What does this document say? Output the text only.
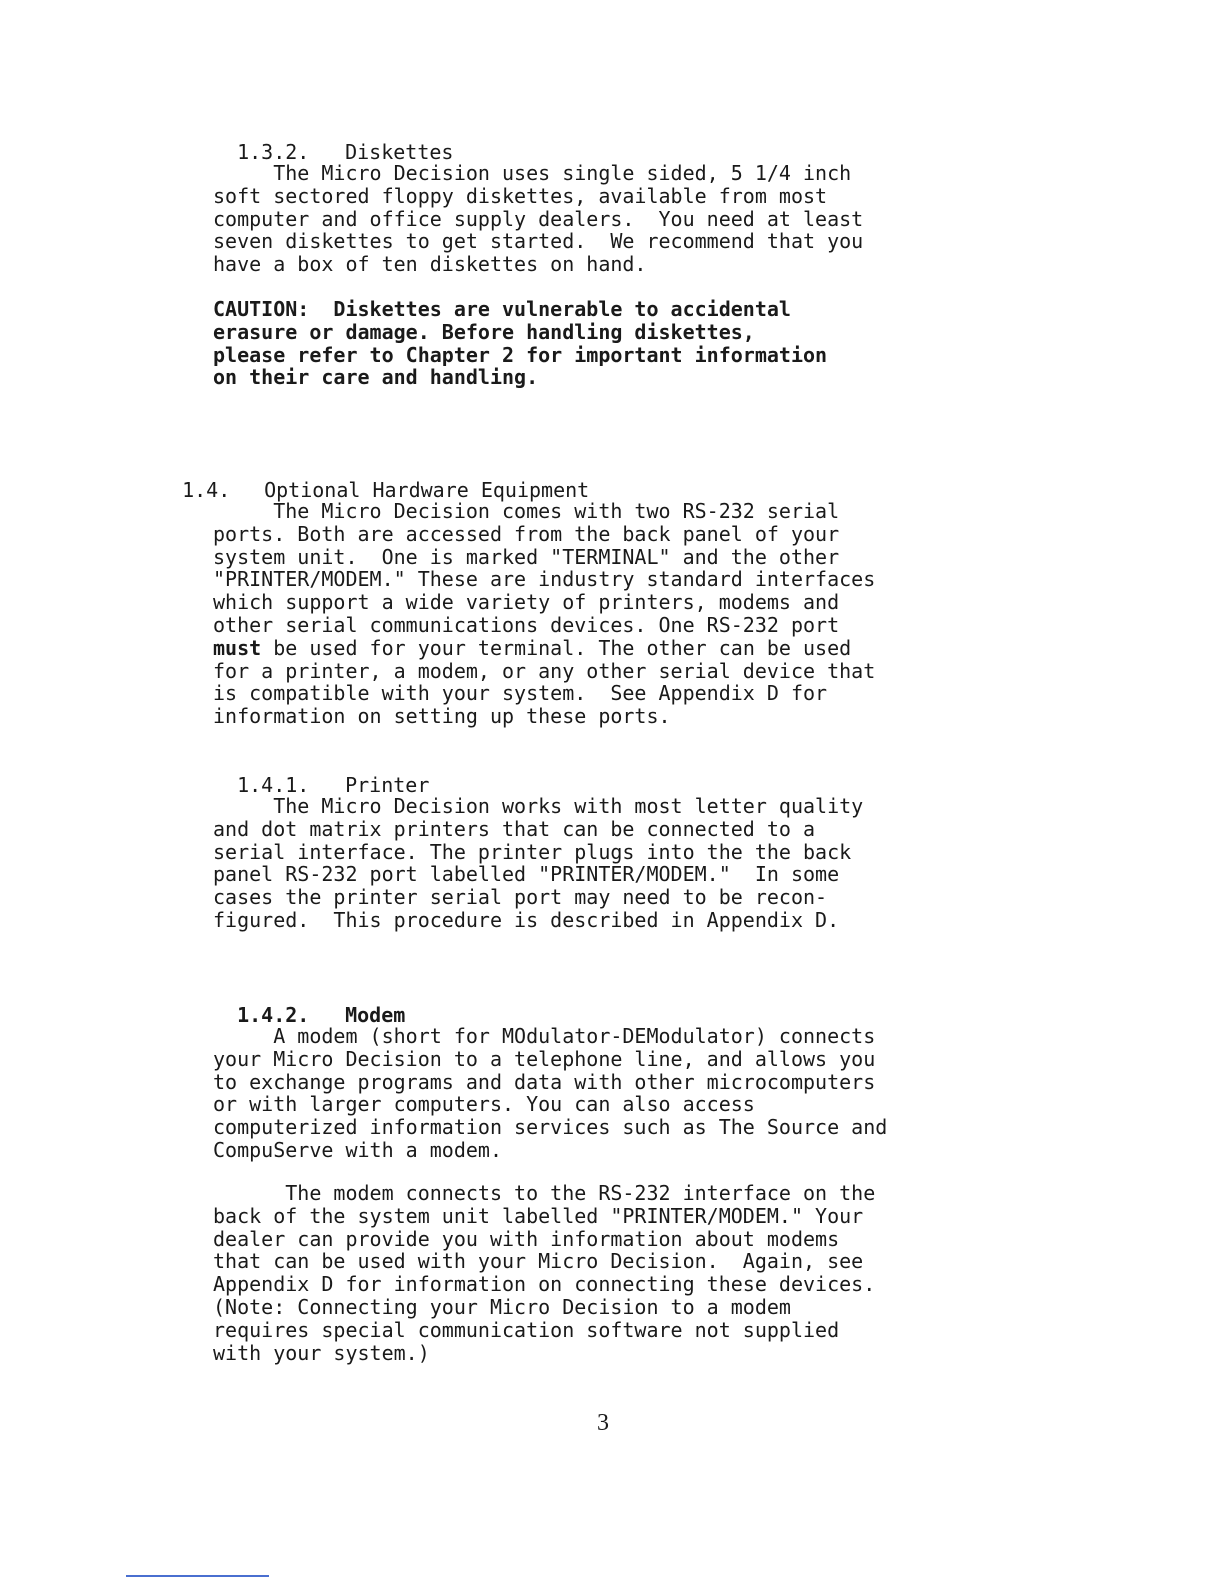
1.3.2. Diskettes

The Micro Decision uses single sided, 5 1/4 inch
soft sectored floppy diskettes, available from most
computer and office supply dealers.  You need at least
seven diskettes to get started.  We recommend that you
have a box of ten diskettes on hand.
CAUTION:  Diskettes are vulnerable to accidental
erasure or damage. Before handling diskettes,
please refer to Chapter 2 for important information
on their care and handling.

1.4. Optional Hardware Equipment

The Micro Decision comes with two RS-232 serial
ports. Both are accessed from the back panel of your
system unit.  One is marked "TERMINAL" and the other
"PRINTER/MODEM." These are industry standard interfaces
which support a wide variety of printers, modems and
other serial communications devices. One RS-232 port
must be used for your terminal. The other can be used
for a printer, a modem, or any other serial device that
is compatible with your system.  See Appendix D for
information on setting up these ports.

1.4.1. Printer

The Micro Decision works with most letter quality
and dot matrix printers that can be connected to a
serial interface. The printer plugs into the the back
panel RS-232 port labelled "PRINTER/MODEM."  In some
cases the printer serial port may need to be recon-
figured.  This procedure is described in Appendix D.

1.4.2. Modem

A modem (short for MOdulator-DEModulator) connects
your Micro Decision to a telephone line, and allows you
to exchange programs and data with other microcomputers
or with larger computers. You can also access
computerized information services such as The Source and
CompuServe with a modem.
The modem connects to the RS-232 interface on the
back of the system unit labelled "PRINTER/MODEM." Your
dealer can provide you with information about modems
that can be used with your Micro Decision.  Again, see
Appendix D for information on connecting these devices.
(Note: Connecting your Micro Decision to a modem
requires special communication software not supplied
with your system.)
3
